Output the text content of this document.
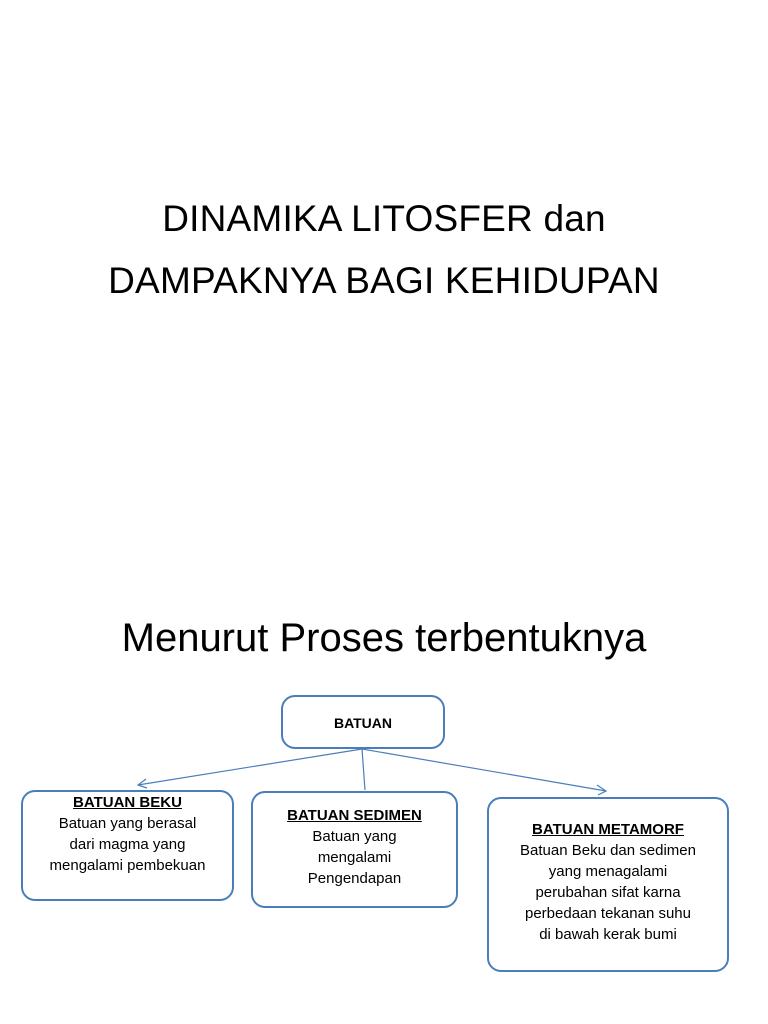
DINAMIKA LITOSFER dan
DAMPAKNYA BAGI KEHIDUPAN
Menurut Proses terbentuknya
BATUAN
BATUAN BEKU
Batuan yang berasal
dari magma yang
mengalami pembekuan
BATUAN SEDIMEN
Batuan yang
mengalami
Pengendapan
BATUAN METAMORF
Batuan Beku dan sedimen
yang menagalami
perubahan sifat karna
perbedaan tekanan suhu
di bawah kerak bumi
